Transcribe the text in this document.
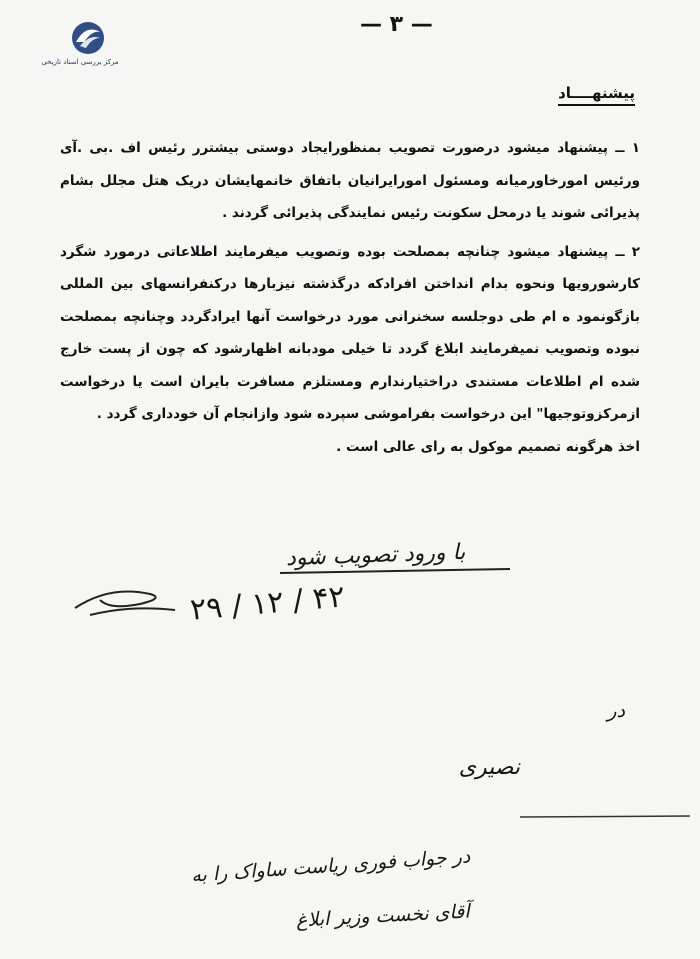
مرکز بررسی اسناد تاریخی
— ۳ —
پیشنهــــاد

۱ ــ پیشنهاد میشود درصورت تصویب بمنظورایجاد دوستی بیشترر رئیس اف .بی .آی ورئیس امورخاورمیانه ومسئول امورایرانیان باتفاق خانمهایشان دریک هتل مجلل بشام پذیرائی شوند یا درمحل سکونت رئیس نمایندگی پذیرائی گردند .

۲ ــ پیشنهاد میشود چنانچه بمصلحت بوده وتصویب میفرمایند اطلاعاتی درمورد شگرد کارشورویها ونحوه بدام انداختن افرادکه درگذشته نیزبارها درکنفرانسهای بین المللی بازگونمود ه ام طی دوجلسه سخنرانی مورد درخواست آنها ایرادگردد وچنانچه بمصلحت نبوده وتصویب نمیفرمایند ابلاغ گردد تا خیلی مودبانه اظهارشود که چون از پست خارج شده ام اطلاعات مستندی دراختیارندارم ومستلزم مسافرت بایران است یا درخواست ازمرکزوتوجیها" این درخواست بفراموشی سپرده شود وازانجام آن خودداری گردد .

اخذ هرگونه تصمیم موکول به رای عالی است .

با ورود تصویب شود
۲۹ / ۱۲ / ۴۲
در
نصیری
در جواب فوری ریاست ساواک را به
آقای نخست وزیر ابلاغ
